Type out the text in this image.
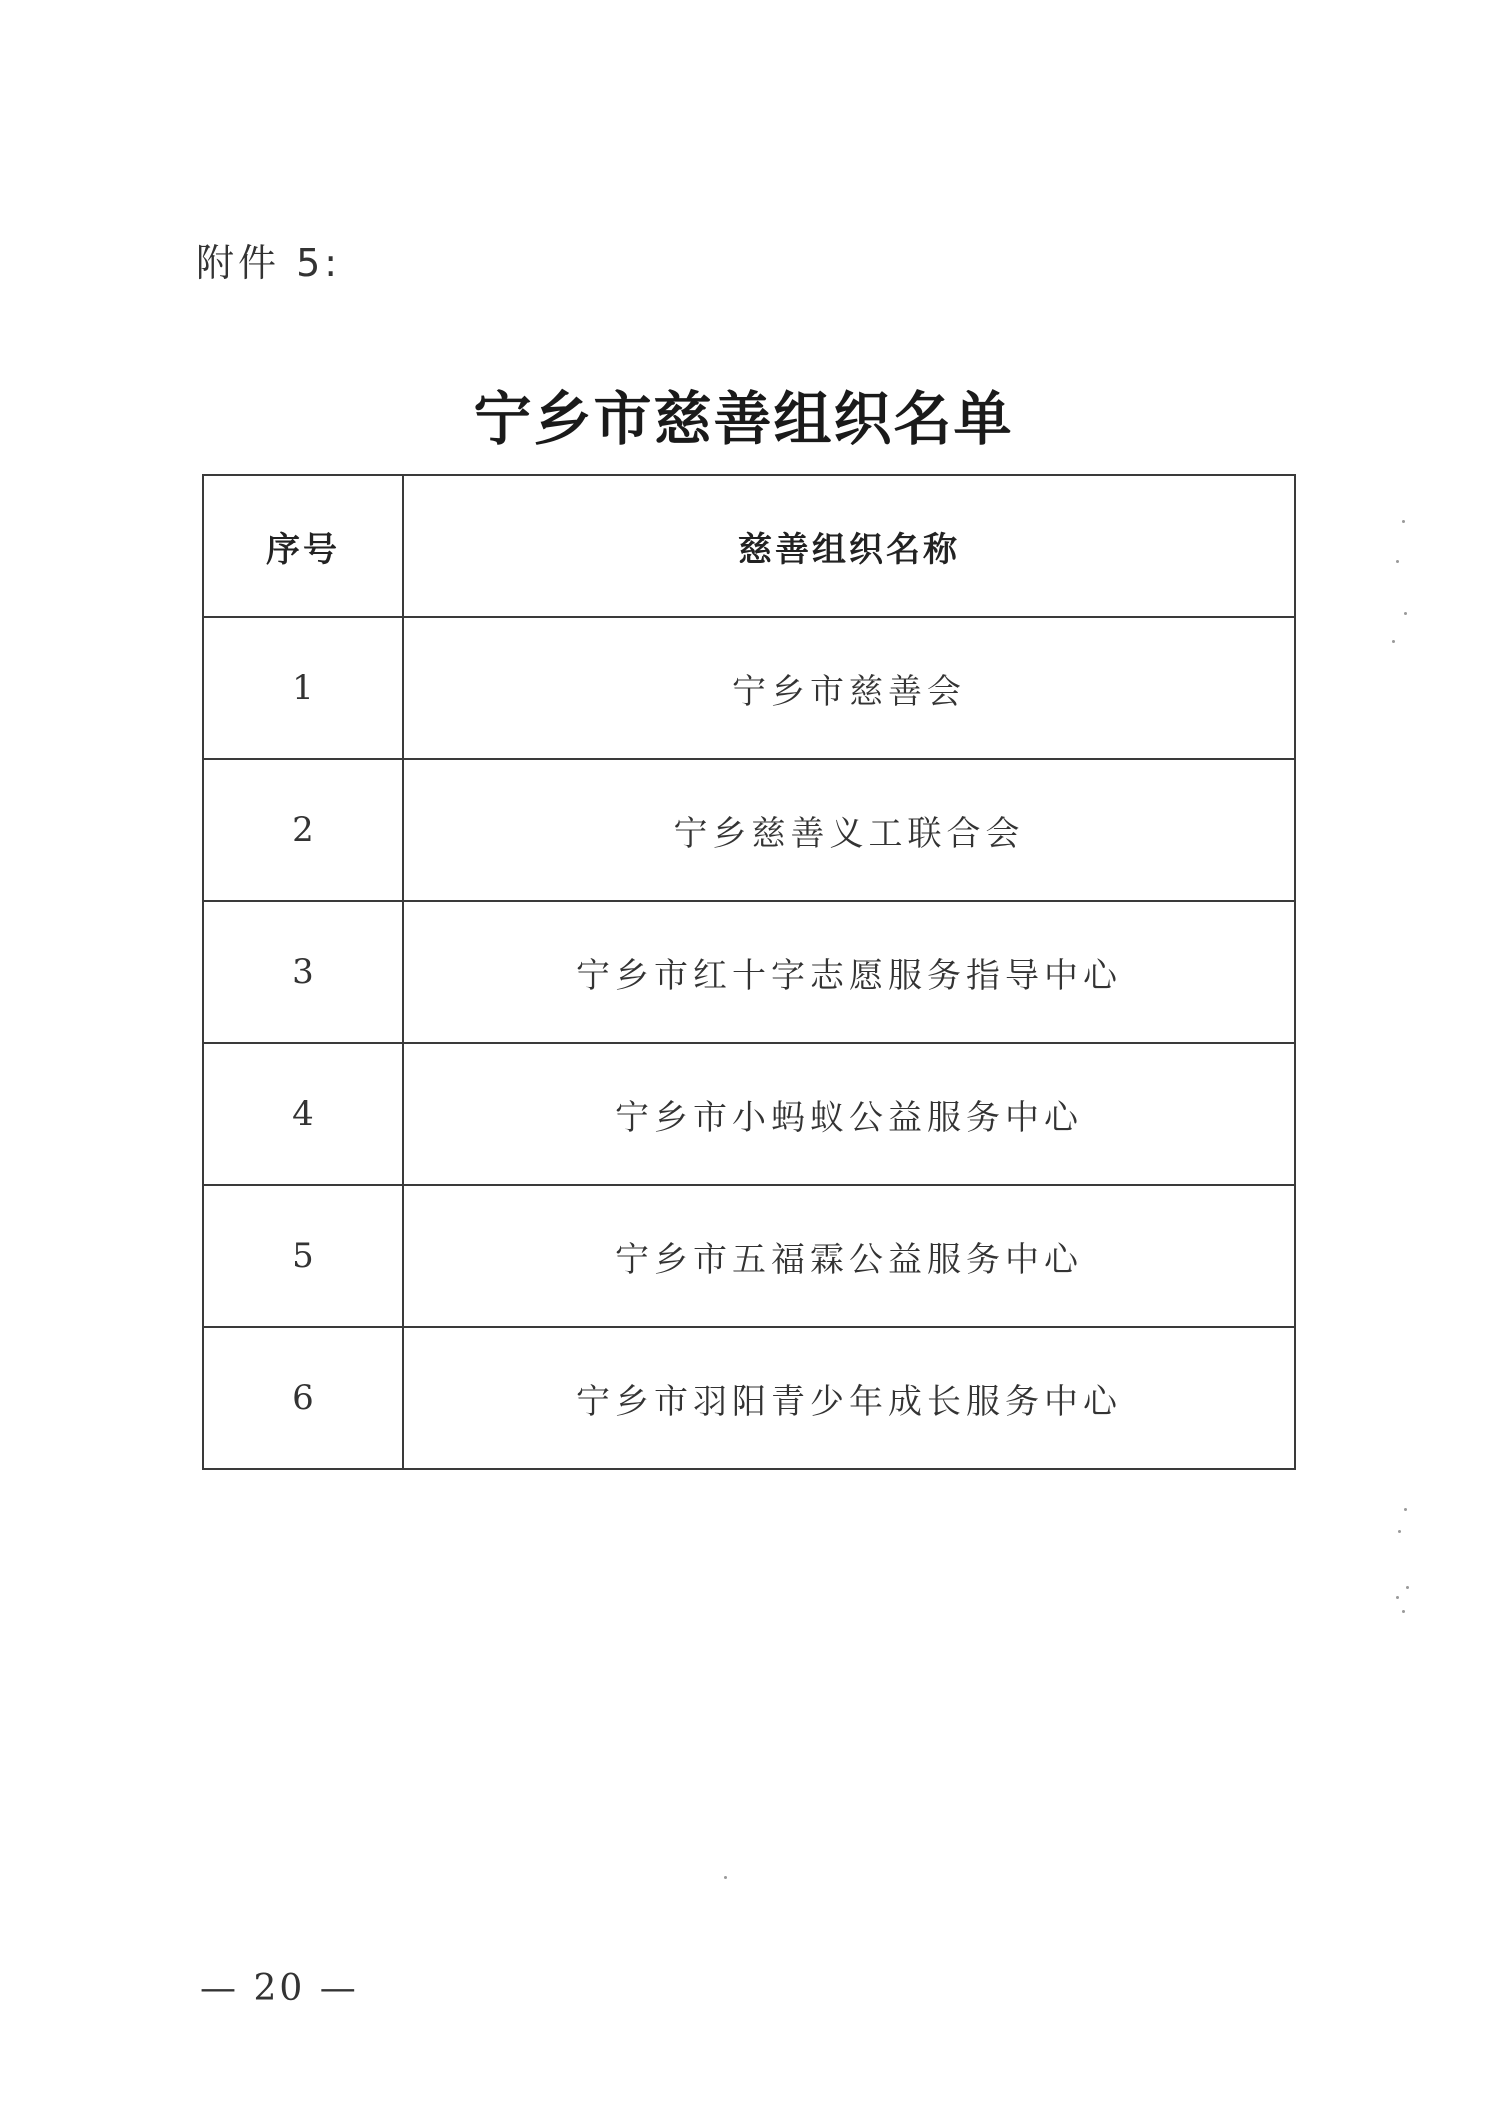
附件 5:
宁乡市慈善组织名单
序号	慈善组织名称
1	宁乡市慈善会
2	宁乡慈善义工联合会
3	宁乡市红十字志愿服务指导中心
4	宁乡市小蚂蚁公益服务中心
5	宁乡市五福霖公益服务中心
6	宁乡市羽阳青少年成长服务中心
— 20 —
